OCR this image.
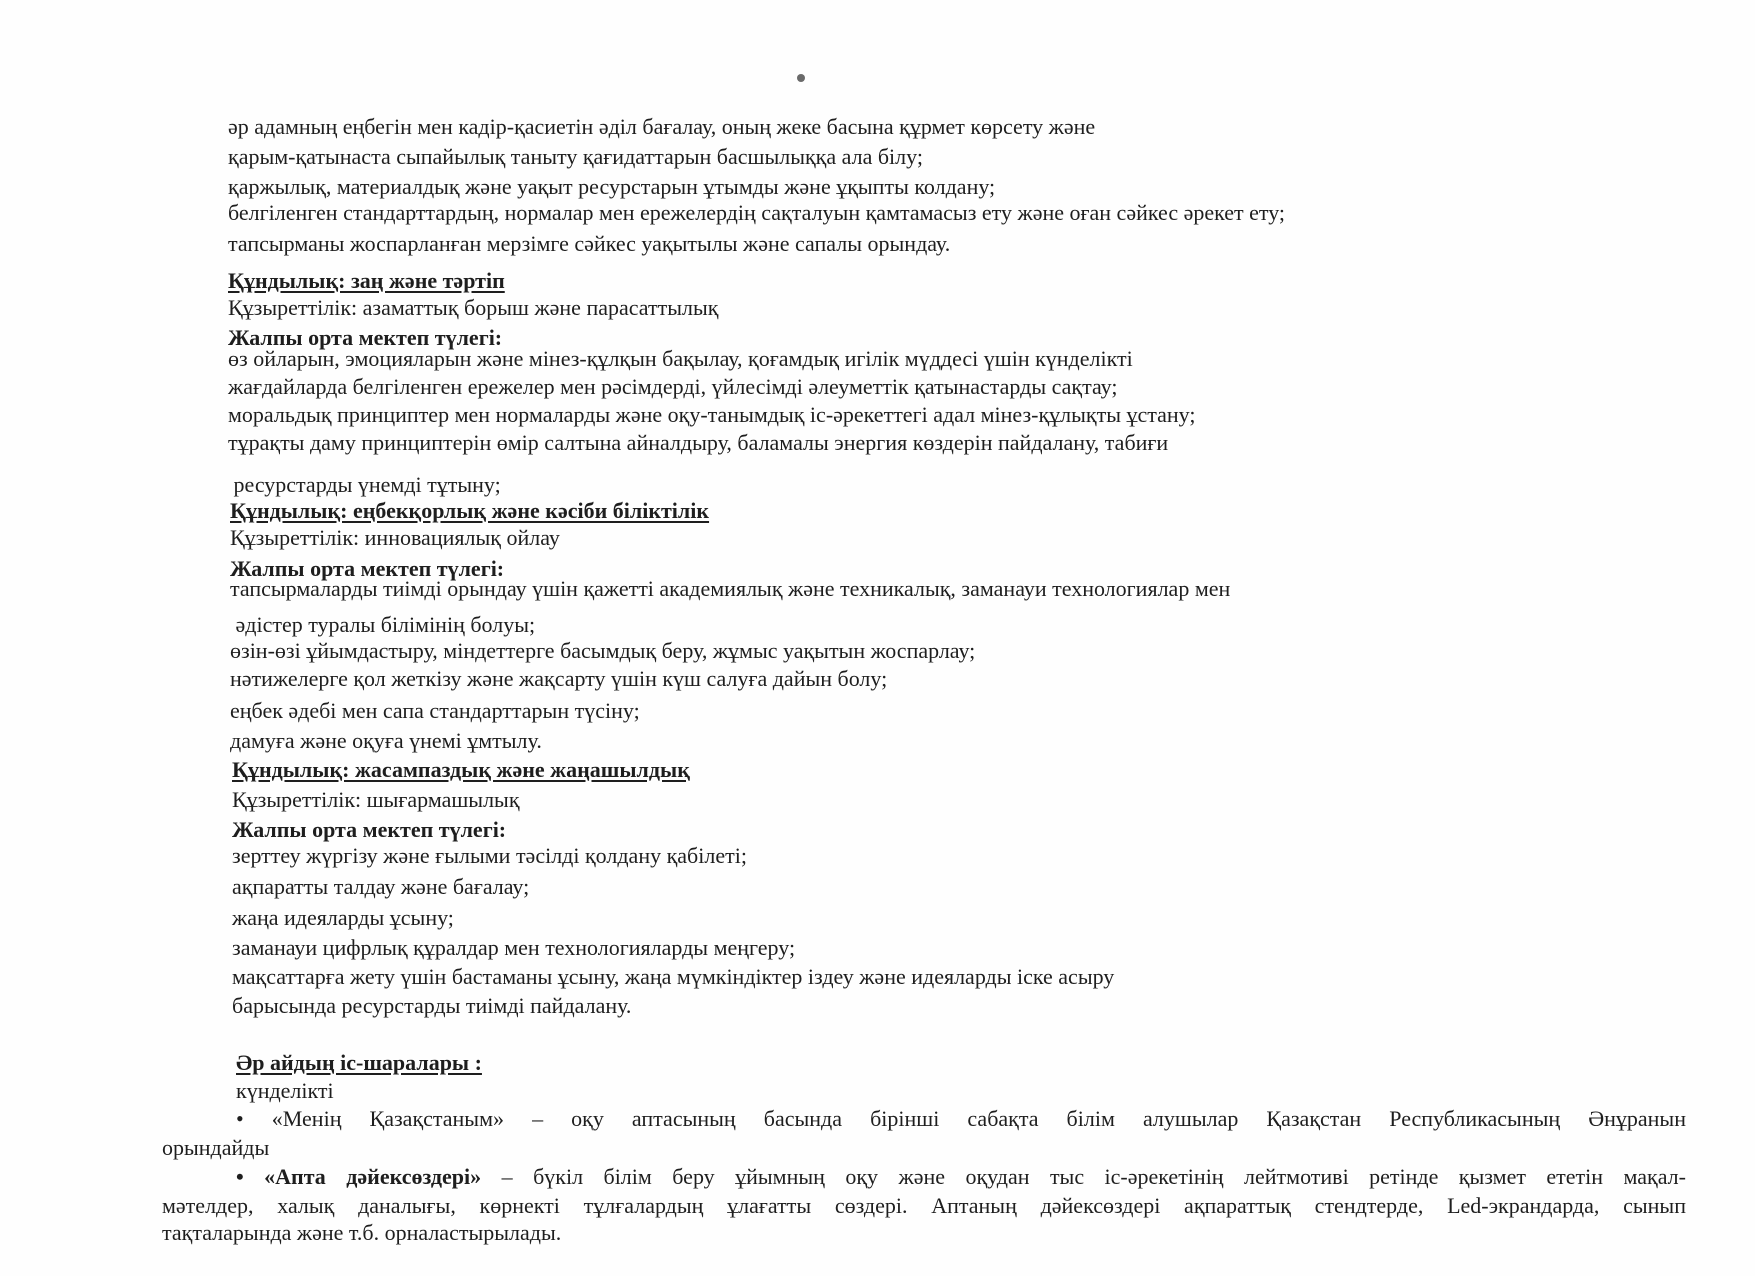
әр адамның еңбегін мен кадір-қасиетін әділ бағалау, оның жеке басына құрмет көрсету және
қарым-қатынаста сыпайылық таныту қағидаттарын басшылыққа ала білу;
қаржылық, материалдық және уақыт ресурстарын ұтымды және ұқыпты колдану;
белгіленген стандарттардың, нормалар мен ережелердің сақталуын қамтамасыз ету және оған сәйкес әрекет ету;
тапсырманы жоспарланған мерзімге сәйкес уақытылы және сапалы орындау.
Құндылық: заң және тәртіп
Құзыреттілік: азаматтық борыш және парасаттылық
Жалпы орта мектеп түлегі:
өз ойларын, эмоцияларын және мінез-құлқын бақылау, қоғамдық игілік мүддесі үшін күнделікті
жағдайларда белгіленген ережелер мен рәсімдерді, үйлесімді әлеуметтік қатынастарды сақтау;
моральдық принциптер мен нормаларды және оқу-танымдық іс-әрекеттегі адал мінез-құлықты ұстану;
тұрақты даму принциптерін өмір салтына айналдыру, баламалы энергия көздерін пайдалану, табиғи
ресурстарды үнемді тұтыну;
Құндылық: еңбекқорлық және кәсіби біліктілік
Құзыреттілік: инновациялық ойлау
Жалпы орта мектеп түлегі:
тапсырмаларды тиімді орындау үшін қажетті академиялық және техникалық, заманауи технологиялар мен
әдістер туралы білімінің болуы;
өзін-өзі ұйымдастыру, міндеттерге басымдық беру, жұмыс уақытын жоспарлау;
нәтижелерге қол жеткізу және жақсарту үшін күш салуға дайын болу;
еңбек әдебі мен сапа стандарттарын түсіну;
дамуға және оқуға үнемі ұмтылу.
Құндылық: жасампаздық және жаңашылдық
Құзыреттілік: шығармашылық
Жалпы орта мектеп түлегі:
зерттеу жүргізу және ғылыми тәсілді қолдану қабілеті;
ақпаратты талдау және бағалау;
жаңа идеяларды ұсыну;
заманауи цифрлық құралдар мен технологияларды меңгеру;
мақсаттарға жету үшін бастаманы ұсыну, жаңа мүмкіндіктер іздеу және идеяларды іске асыру
барысында ресурстарды тиімді пайдалану.
Әр айдың іс-шаралары :
күнделікті
• «Менің Қазақстаным» – оқу аптасының басында бірінші сабақта білім алушылар Қазақстан Республикасының Әнұранын
орындайды
• «Апта дәйексөздері» – бүкіл білім беру ұйымның оқу және оқудан тыс іс-әрекетінің лейтмотиві ретінде қызмет ететін мақал-
мәтелдер, халық даналығы, көрнекті тұлғалардың ұлағатты сөздері. Аптаның дәйексөздері ақпараттық стендтерде, Led-экрандарда, сынып
тақталарында және т.б. орналастырылады.
